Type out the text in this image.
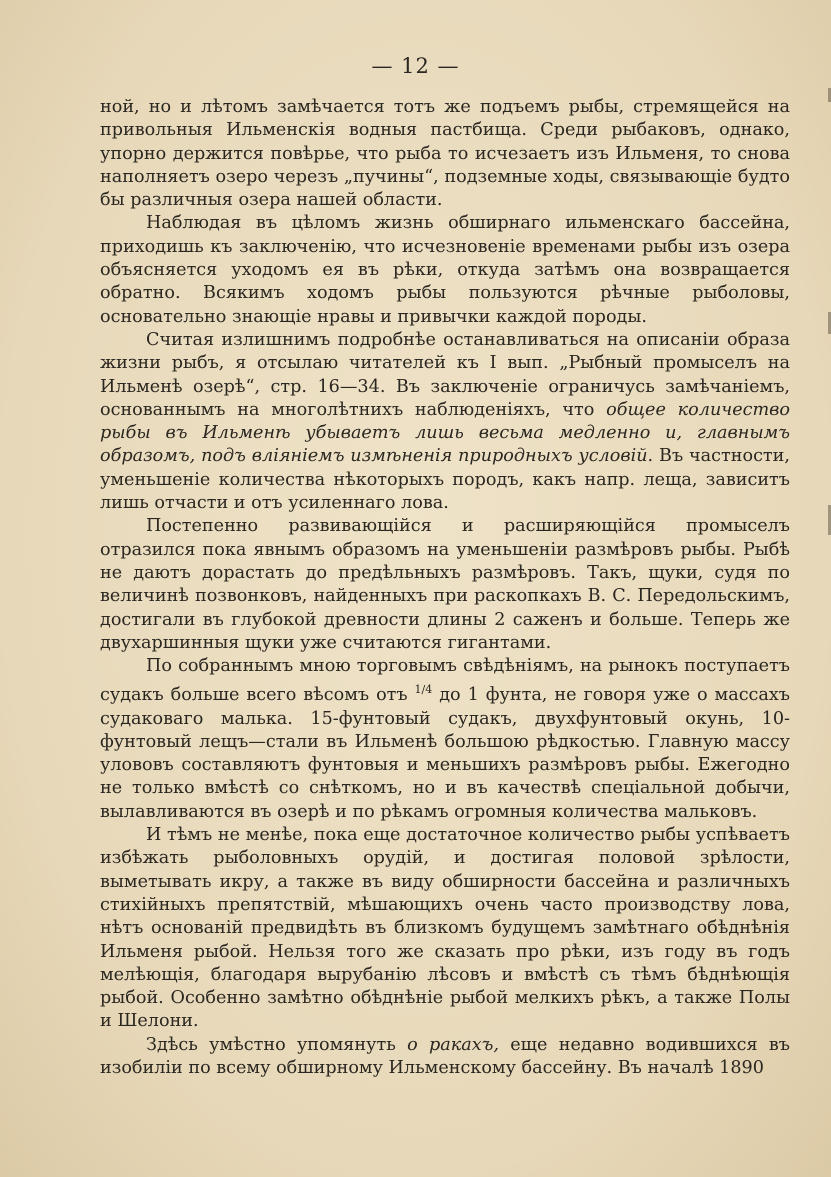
— 12 —

ной, но и лѣтомъ замѣчается тотъ же подъемъ рыбы, стремящейся на привольныя Ильменскія водныя пастбища. Среди рыбаковъ, однако, упорно держится повѣрье, что рыба то исчезаетъ изъ Ильменя, то снова наполняетъ озеро черезъ „пучины“, подземные ходы, связывающіе будто бы различныя озера нашей области.

Наблюдая въ цѣломъ жизнь обширнаго ильменскаго бассейна, приходишь къ заключенію, что исчезновеніе временами рыбы изъ озера объясняется уходомъ ея въ рѣки, откуда затѣмъ она возвращается обратно. Всякимъ ходомъ рыбы пользуются рѣчные рыболовы, основательно знающіе нравы и привычки каждой породы.

Считая излишнимъ подробнѣе останавливаться на описаніи образа жизни рыбъ, я отсылаю читателей къ I вып. „Рыбный промыселъ на Ильменѣ озерѣ“, стр. 16—34. Въ заключеніе ограничусь замѣчаніемъ, основаннымъ на многолѣтнихъ наблюденіяхъ, что общее количество рыбы въ Ильменѣ убываетъ лишь весьма медленно и, главнымъ образомъ, подъ вліяніемъ измѣненія природныхъ условій. Въ частности, уменьшеніе количества нѣкоторыхъ породъ, какъ напр. леща, зависитъ лишь отчасти и отъ усиленнаго лова.

Постепенно развивающійся и расширяющійся промыселъ отразился пока явнымъ образомъ на уменьшеніи размѣровъ рыбы. Рыбѣ не даютъ дорастать до предѣльныхъ размѣровъ. Такъ, щуки, судя по величинѣ позвонковъ, найденныхъ при раскопкахъ В. С. Передольскимъ, достигали въ глубокой древности длины 2 саженъ и больше. Теперь же двухаршинныя щуки уже считаются гигантами.

По собраннымъ мною торговымъ свѣдѣніямъ, на рынокъ поступаетъ судакъ больше всего вѣсомъ отъ $^{1/4}$ до 1 фунта, не говоря уже о массахъ судаковаго малька. 15-фунтовый судакъ, двухфунтовый окунь, 10-фунтовый лещъ—стали въ Ильменѣ большою рѣдкостью. Главную массу улововъ составляютъ фунтовыя и меньшихъ размѣровъ рыбы. Ежегодно не только вмѣстѣ со снѣткомъ, но и въ качествѣ спеціальной добычи, вылавливаются въ озерѣ и по рѣкамъ огромныя количества мальковъ.

И тѣмъ не менѣе, пока еще достаточное количество рыбы успѣваетъ избѣжать рыболовныхъ орудій, и достигая половой зрѣлости, выметывать икру, а также въ виду обширности бассейна и различныхъ стихійныхъ препятствій, мѣшающихъ очень часто производству лова, нѣтъ основаній предвидѣть въ близкомъ будущемъ замѣтнаго обѣднѣнія Ильменя рыбой. Нельзя того же сказать про рѣки, изъ году въ годъ мелѣющія, благодаря вырубанію лѣсовъ и вмѣстѣ съ тѣмъ бѣднѣющія рыбой. Особенно замѣтно обѣднѣніе рыбой мелкихъ рѣкъ, а также Полы и Шелони.

Здѣсь умѣстно упомянуть о ракахъ, еще недавно водившихся въ изобиліи по всему обширному Ильменскому бассейну. Въ началѣ 1890
